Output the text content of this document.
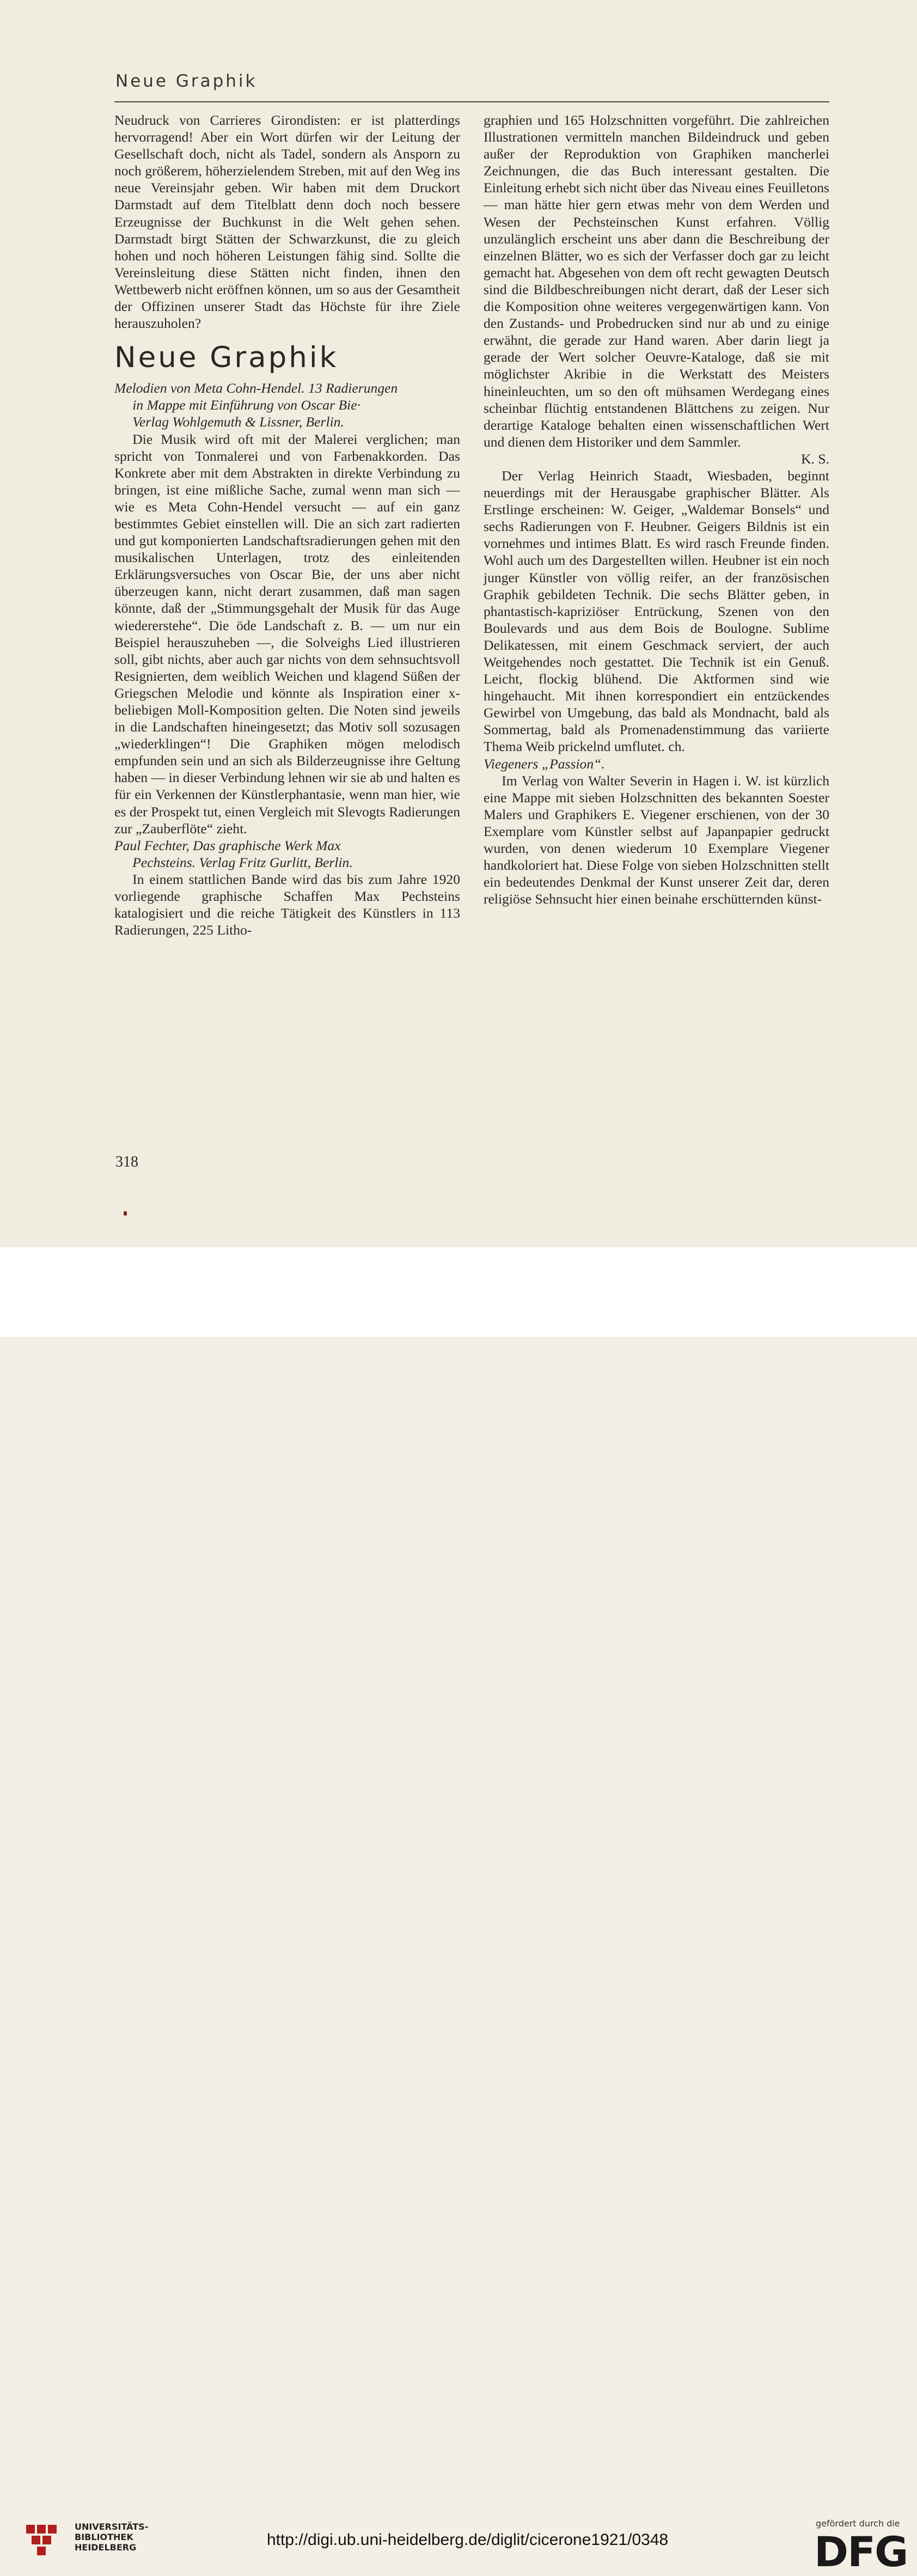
Neue Graphik

Neudruck von Carrieres Girondisten: er ist platterdings hervorragend! Aber ein Wort dürfen wir der Leitung der Gesellschaft doch, nicht als Tadel, sondern als Ansporn zu noch größerem, höherzielendem Streben, mit auf den Weg ins neue Vereinsjahr geben. Wir haben mit dem Druckort Darmstadt auf dem Titelblatt denn doch noch bessere Erzeugnisse der Buchkunst in die Welt gehen sehen. Darmstadt birgt Stätten der Schwarzkunst, die zu gleich hohen und noch höheren Leistungen fähig sind. Sollte die Vereinsleitung diese Stätten nicht finden, ihnen den Wettbewerb nicht eröffnen können, um so aus der Gesamtheit der Offizinen unserer Stadt das Höchste für ihre Ziele herauszuholen?

Neue Graphik
Melodien von Meta Cohn-Hendel. 13 Radierungen
in Mappe mit Einführung von Oscar Bie·
Verlag Wohlgemuth & Lissner, Berlin.

Die Musik wird oft mit der Malerei verglichen; man spricht von Tonmalerei und von Farbenakkorden. Das Konkrete aber mit dem Abstrakten in direkte Verbindung zu bringen, ist eine mißliche Sache, zumal wenn man sich — wie es Meta Cohn-Hendel versucht — auf ein ganz bestimmtes Gebiet einstellen will. Die an sich zart radierten und gut komponierten Landschaftsradierungen gehen mit den musikalischen Unterlagen, trotz des einleitenden Erklärungsversuches von Oscar Bie, der uns aber nicht überzeugen kann, nicht derart zusammen, daß man sagen könnte, daß der „Stimmungsgehalt der Musik für das Auge wiedererstehe“. Die öde Landschaft z. B. — um nur ein Beispiel herauszuheben —, die Solveighs Lied illustrieren soll, gibt nichts, aber auch gar nichts von dem sehnsuchtsvoll Resignierten, dem weiblich Weichen und klagend Süßen der Griegschen Melodie und könnte als Inspiration einer x-beliebigen Moll-Komposition gelten. Die Noten sind jeweils in die Landschaften hineingesetzt; das Motiv soll sozusagen „wiederklingen“! Die Graphiken mögen melodisch empfunden sein und an sich als Bilderzeugnisse ihre Geltung haben — in dieser Verbindung lehnen wir sie ab und halten es für ein Verkennen der Künstlerphantasie, wenn man hier, wie es der Prospekt tut, einen Vergleich mit Slevogts Radierungen zur „Zauberflöte“ zieht.

Paul Fechter, Das graphische Werk Max
Pechsteins. Verlag Fritz Gurlitt, Berlin.

In einem stattlichen Bande wird das bis zum Jahre 1920 vorliegende graphische Schaffen Max Pechsteins katalogisiert und die reiche Tätigkeit des Künstlers in 113 Radierungen, 225 Litho-

graphien und 165 Holzschnitten vorgeführt. Die zahlreichen Illustrationen vermitteln manchen Bildeindruck und geben außer der Reproduktion von Graphiken mancherlei Zeichnungen, die das Buch interessant gestalten. Die Einleitung erhebt sich nicht über das Niveau eines Feuilletons — man hätte hier gern etwas mehr von dem Werden und Wesen der Pechsteinschen Kunst erfahren. Völlig unzulänglich erscheint uns aber dann die Beschreibung der einzelnen Blätter, wo es sich der Verfasser doch gar zu leicht gemacht hat. Abgesehen von dem oft recht gewagten Deutsch sind die Bildbeschreibungen nicht derart, daß der Leser sich die Komposition ohne weiteres vergegenwärtigen kann. Von den Zustands- und Probedrucken sind nur ab und zu einige erwähnt, die gerade zur Hand waren. Aber darin liegt ja gerade der Wert solcher Oeuvre-Kataloge, daß sie mit möglichster Akribie in die Werkstatt des Meisters hineinleuchten, um so den oft mühsamen Werdegang eines scheinbar flüchtig entstandenen Blättchens zu zeigen. Nur derartige Kataloge behalten einen wissenschaftlichen Wert und dienen dem Historiker und dem Sammler.

K. S.

Der Verlag Heinrich Staadt, Wiesbaden, beginnt neuerdings mit der Herausgabe graphischer Blätter. Als Erstlinge erscheinen: W. Geiger, „Waldemar Bonsels“ und sechs Radierungen von F. Heubner. Geigers Bildnis ist ein vornehmes und intimes Blatt. Es wird rasch Freunde finden. Wohl auch um des Dargestellten willen. Heubner ist ein noch junger Künstler von völlig reifer, an der französischen Graphik gebildeten Technik. Die sechs Blätter geben, in phantastisch-kapriziöser Entrückung, Szenen von den Boulevards und aus dem Bois de Boulogne. Sublime Delikatessen, mit einem Geschmack serviert, der auch Weitgehendes noch gestattet. Die Technik ist ein Genuß. Leicht, flockig blühend. Die Aktformen sind wie hingehaucht. Mit ihnen korrespondiert ein entzückendes Gewirbel von Umgebung, das bald als Mondnacht, bald als Sommertag, bald als Promenadenstimmung das variierte Thema Weib prickelnd umflutet. ch.

Viegeners „Passion“.

Im Verlag von Walter Severin in Hagen i. W. ist kürzlich eine Mappe mit sieben Holzschnitten des bekannten Soester Malers und Graphikers E. Viegener erschienen, von der 30 Exemplare vom Künstler selbst auf Japanpapier gedruckt wurden, von denen wiederum 10 Exemplare Viegener handkoloriert hat. Diese Folge von sieben Holzschnitten stellt ein bedeutendes Denkmal der Kunst unserer Zeit dar, deren religiöse Sehnsucht hier einen beinahe erschütternden künst-

318
UNIVERSITÄTS-
BIBLIOTHEK
HEIDELBERG	http://digi.ub.uni-heidelberg.de/diglit/cicerone1921/0348
gefördert durch die
DFG
